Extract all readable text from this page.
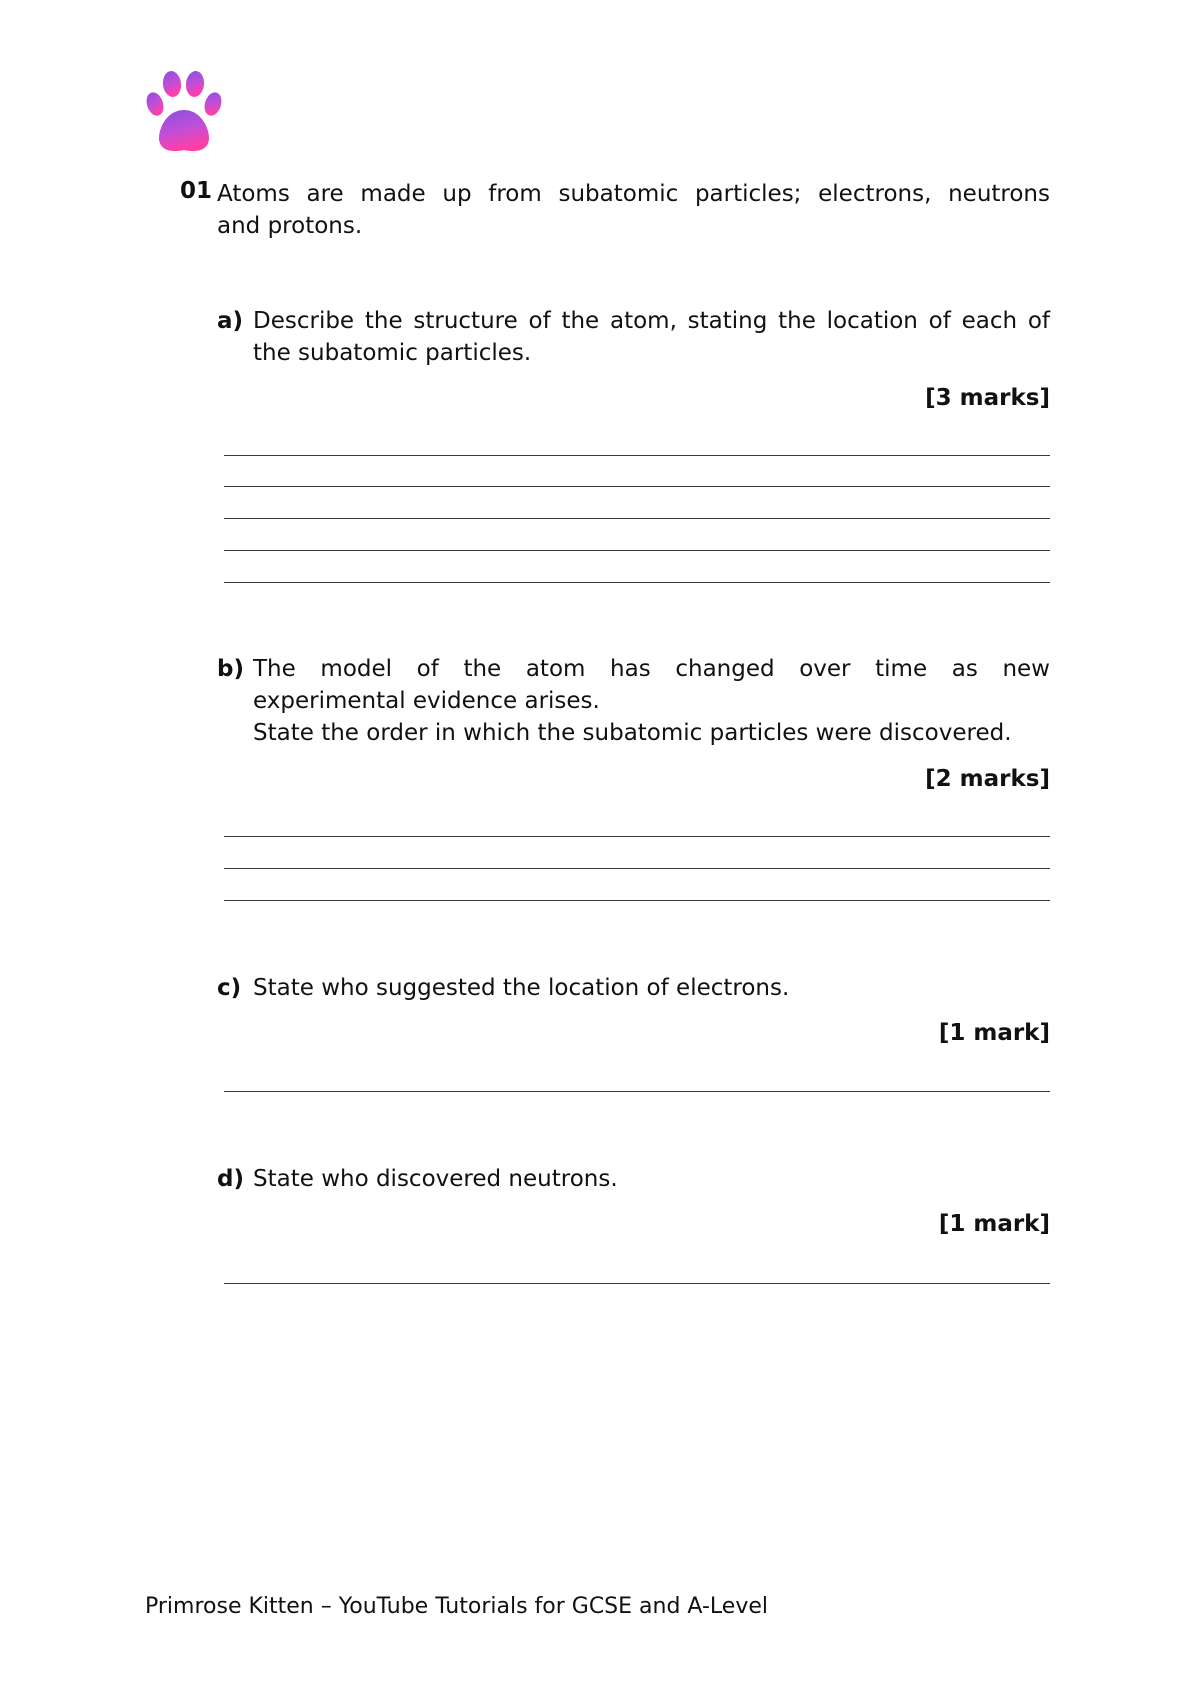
01 Atoms are made up from subatomic particles; electrons, neutrons
and protons.
a) Describe the structure of the atom, stating the location of each of
the subatomic particles.
[3 marks]
b) The model of the atom has changed over time as new
experimental evidence arises.
State the order in which the subatomic particles were discovered.
[2 marks]
c) State who suggested the location of electrons.
[1 mark]
d) State who discovered neutrons.
[1 mark]
Primrose Kitten – YouTube Tutorials for GCSE and A-Level
